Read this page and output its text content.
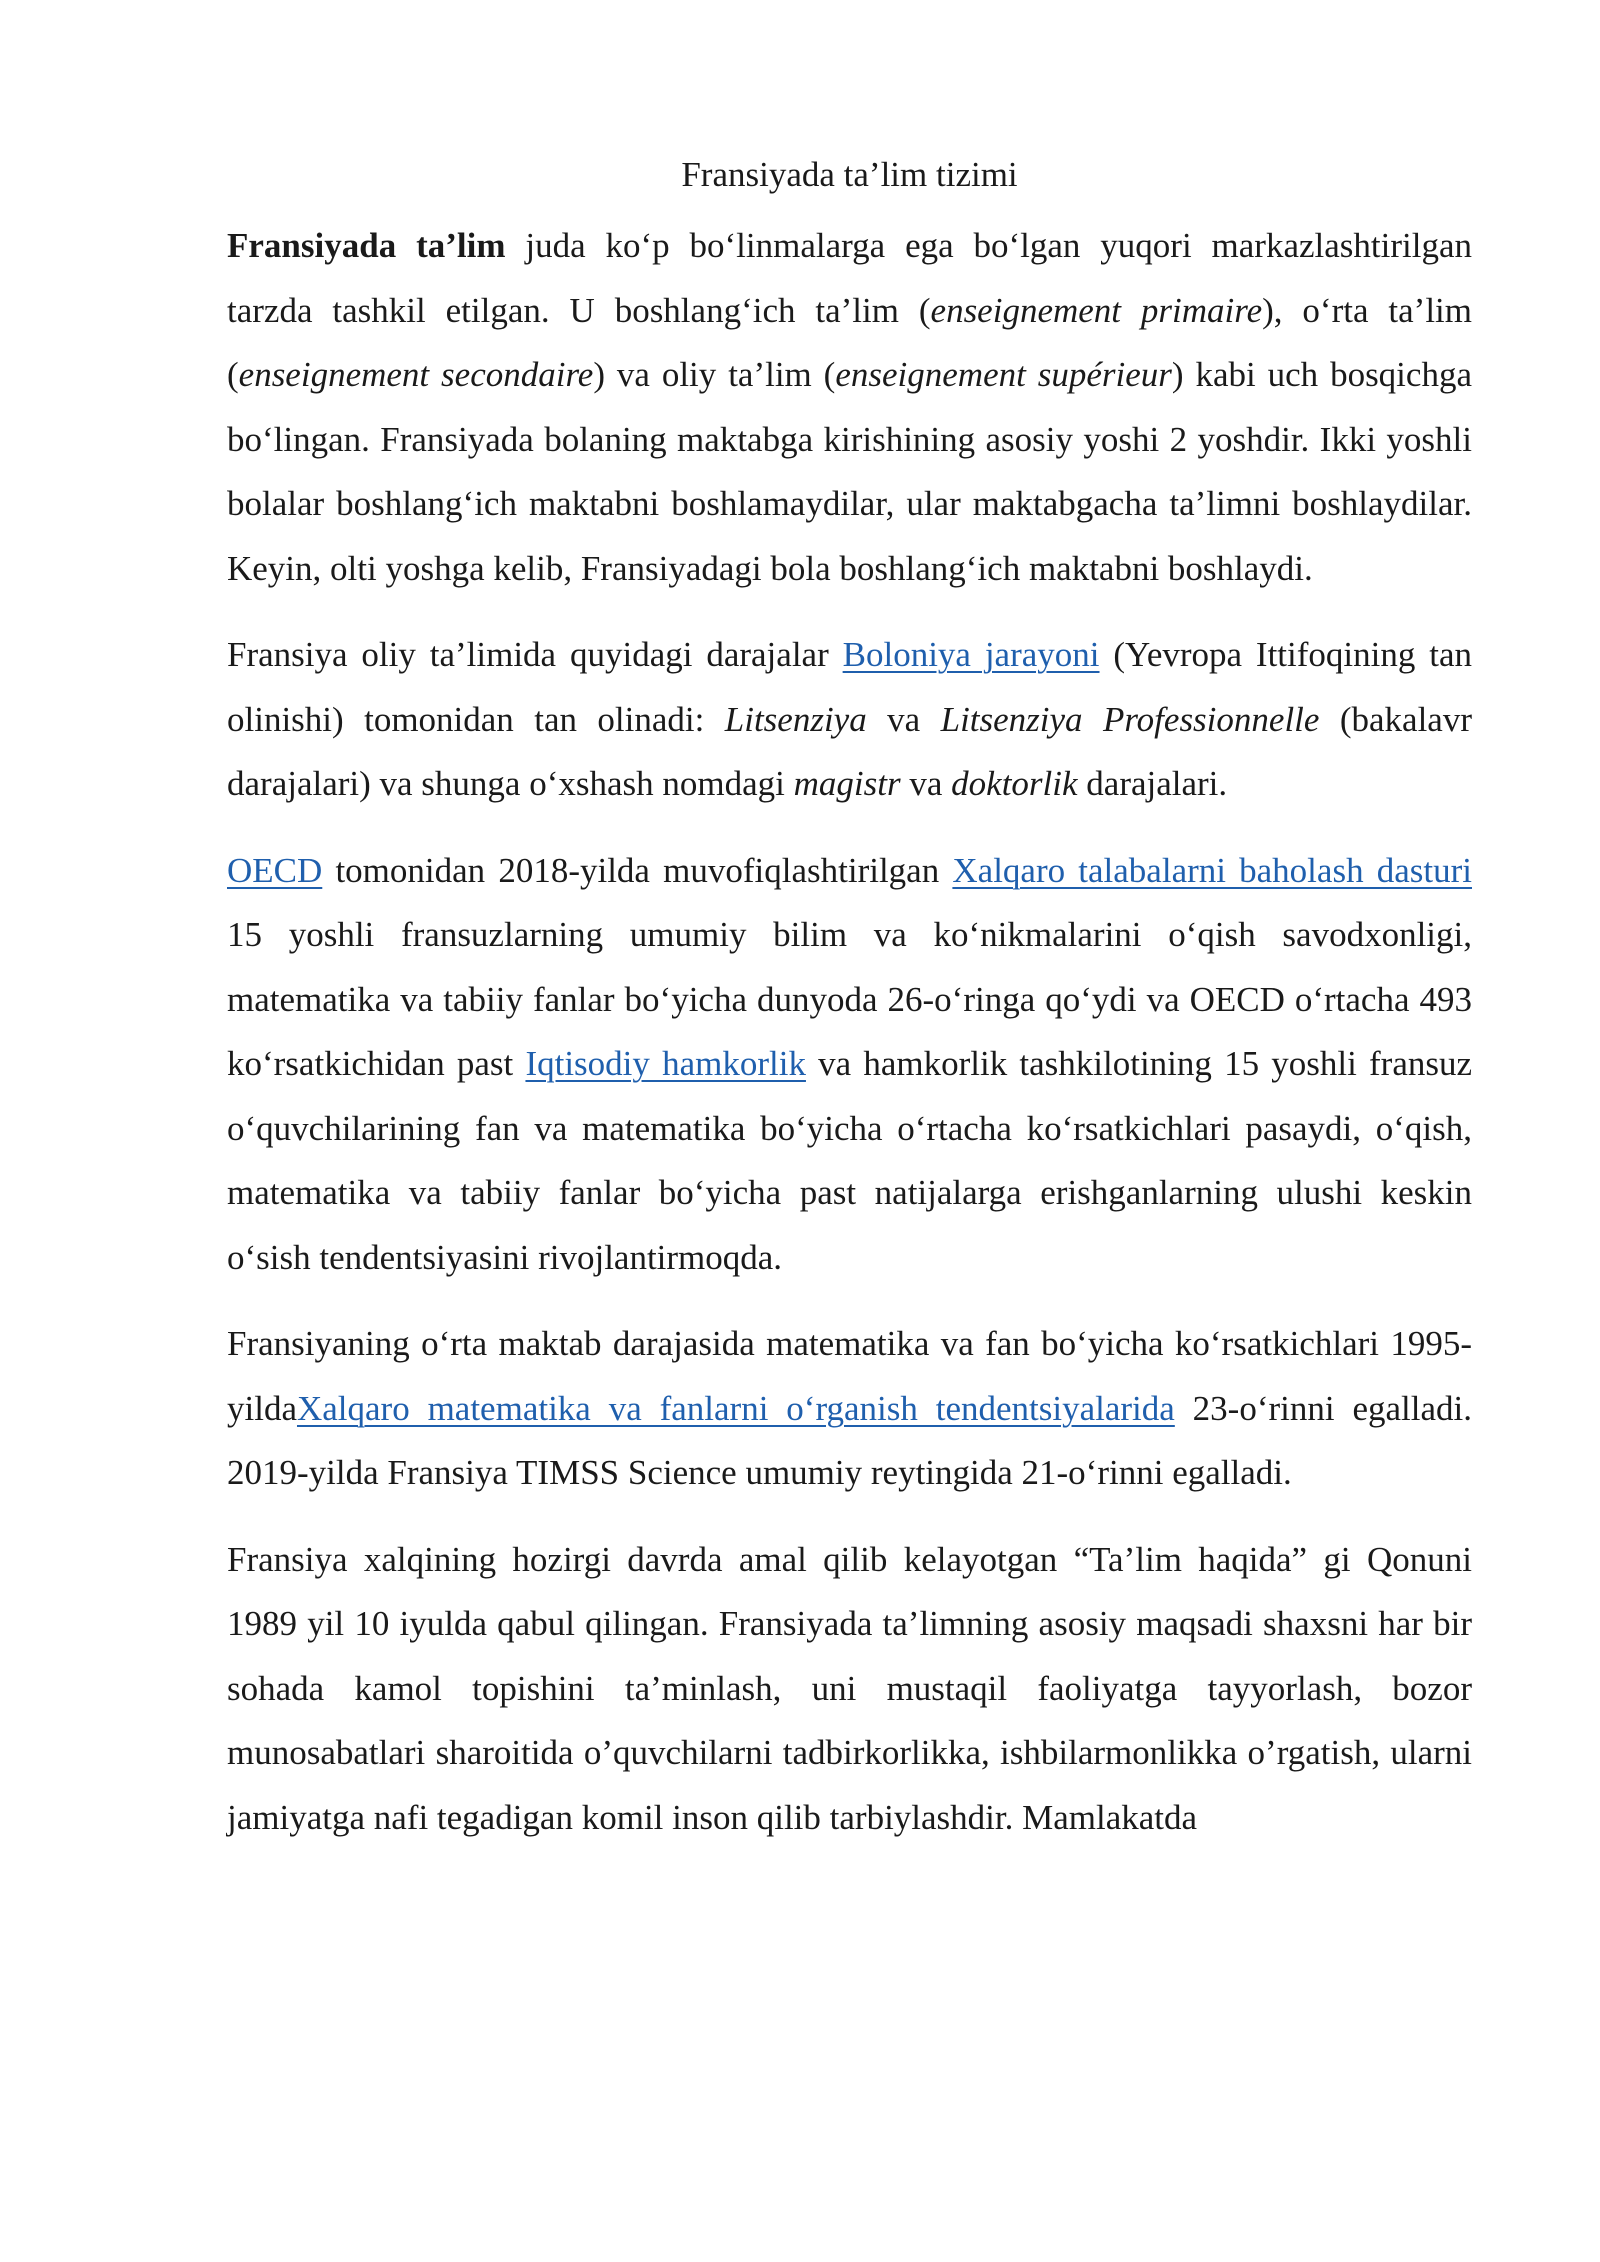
Fransiyada ta’lim tizimi

Fransiyada ta’lim juda ko‘p bo‘linmalarga ega bo‘lgan yuqori markazlashtirilgan tarzda tashkil etilgan. U boshlang‘ich ta’lim (enseignement primaire), o‘rta ta’lim (enseignement secondaire) va oliy ta’lim (enseignement supérieur) kabi uch bosqichga bo‘lingan. Fransiyada bolaning maktabga kirishining asosiy yoshi 2 yoshdir. Ikki yoshli bolalar boshlang‘ich maktabni boshlamaydilar, ular maktabgacha ta’limni boshlaydilar. Keyin, olti yoshga kelib, Fransiyadagi bola boshlang‘ich maktabni boshlaydi.

Fransiya oliy ta’limida quyidagi darajalar Boloniya jarayoni (Yevropa Ittifoqining tan olinishi) tomonidan tan olinadi: Litsenziya va Litsenziya Professionnelle (bakalavr darajalari) va shunga o‘xshash nomdagi magistr va doktorlik darajalari.

OECD tomonidan 2018-yilda muvofiqlashtirilgan Xalqaro talabalarni baholash dasturi 15 yoshli fransuzlarning umumiy bilim va ko‘nikmalarini o‘qish savodxonligi, matematika va tabiiy fanlar bo‘yicha dunyoda 26-o‘ringa qo‘ydi va OECD o‘rtacha 493 ko‘rsatkichidan past Iqtisodiy hamkorlik va hamkorlik tashkilotining 15 yoshli fransuz o‘quvchilarining fan va matematika bo‘yicha o‘rtacha ko‘rsatkichlari pasaydi, o‘qish, matematika va tabiiy fanlar bo‘yicha past natijalarga erishganlarning ulushi keskin o‘sish tendentsiyasini rivojlantirmoqda.

Fransiyaning o‘rta maktab darajasida matematika va fan bo‘yicha ko‘rsatkichlari 1995-yildaXalqaro matematika va fanlarni o‘rganish tendentsiyalarida 23-o‘rinni egalladi. 2019-yilda Fransiya TIMSS Science umumiy reytingida 21-o‘rinni egalladi.

Fransiya xalqining hozirgi davrda amal qilib kelayotgan “Ta’lim haqida” gi Qonuni 1989 yil 10 iyulda qabul qilingan. Fransiyada ta’limning asosiy maqsadi shaxsni har bir sohada kamol topishini ta’minlash, uni mustaqil faoliyatga tayyorlash, bozor munosabatlari sharoitida o’quvchilarni tadbirkorlikka, ishbilarmonlikka o’rgatish, ularni jamiyatga nafi tegadigan komil inson qilib tarbiylashdir. Mamlakatda
